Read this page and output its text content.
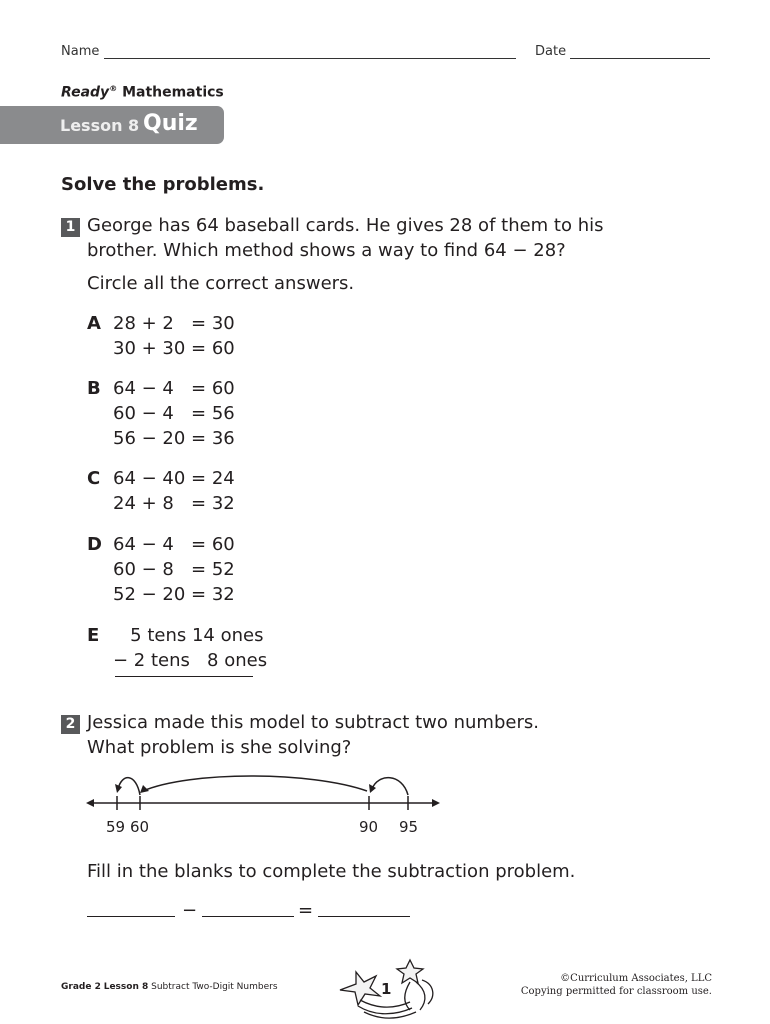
Name	Date
Ready® Mathematics
Lesson 8 Quiz
Solve the problems.
1 George has 64 baseball cards. He gives 28 of them to his
brother. Which method shows a way to find 64 − 28?
Circle all the correct answers.
A 28 + 2   = 30
30 + 30 = 60
B 64 − 4   = 60
60 − 4   = 56
56 − 20 = 36
C 64 − 40 = 24
24 + 8   = 32
D 64 − 4   = 60
60 − 8   = 52
52 − 20 = 32
E 5 tens 14 ones
− 2 tens   8 ones
2 Jessica made this model to subtract two numbers.
What problem is she solving?
59 60	90 95
Fill in the blanks to complete the subtraction problem.
−	=
Grade 2 Lesson 8 Subtract Two-Digit Numbers	1
©Curriculum Associates, LLC
Copying permitted for classroom use.
